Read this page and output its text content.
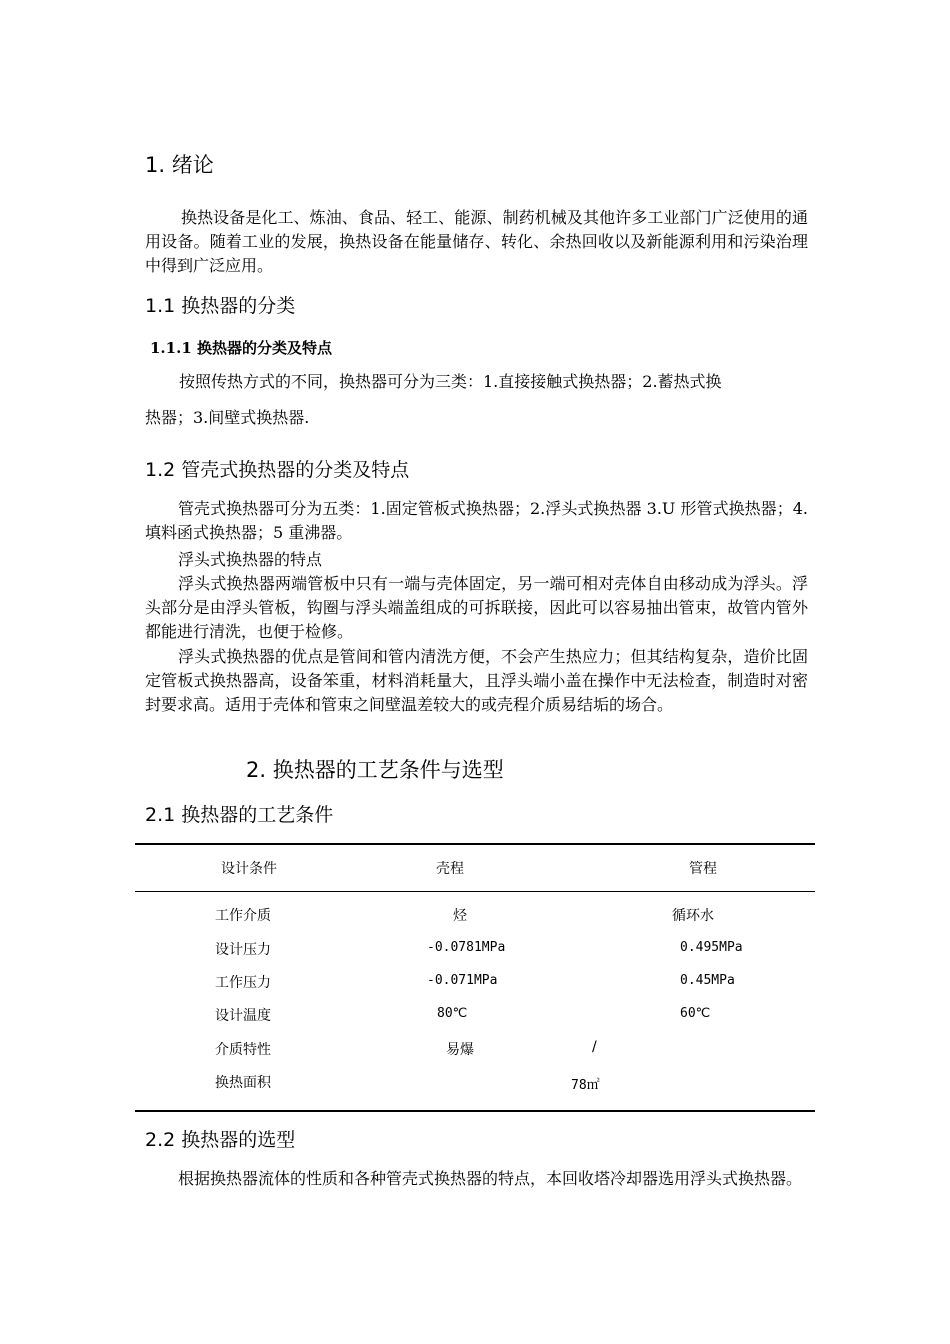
1. 绪论
换热设备是化工、炼油、食品、轻工、能源、制药机械及其他许多工业部门广泛使用的通用设备。随着工业的发展，换热设备在能量储存、转化、余热回收以及新能源利用和污染治理中得到广泛应用。
1.1 换热器的分类
1.1.1 换热器的分类及特点
按照传热方式的不同，换热器可分为三类：1.直接接触式换热器；2.蓄热式换
热器；3.间壁式换热器.
1.2 管壳式换热器的分类及特点
管壳式换热器可分为五类：1.固定管板式换热器；2.浮头式换热器 3.U 形管式换热器；4.填料函式换热器；5 重沸器。
浮头式换热器的特点
浮头式换热器两端管板中只有一端与壳体固定，另一端可相对壳体自由移动成为浮头。浮头部分是由浮头管板，钩圈与浮头端盖组成的可拆联接，因此可以容易抽出管束，故管内管外都能进行清洗，也便于检修。
浮头式换热器的优点是管间和管内清洗方便，不会产生热应力；但其结构复杂，造价比固定管板式换热器高，设备笨重，材料消耗量大，且浮头端小盖在操作中无法检查，制造时对密封要求高。适用于壳体和管束之间壁温差较大的或壳程介质易结垢的场合。
2. 换热器的工艺条件与选型
2.1 换热器的工艺条件
设计条件	壳程	管程
工作介质	烃	循环水
设计压力	-0.0781MPa	0.495MPa
工作压力	-0.071MPa	0.45MPa
设计温度	80℃	60℃
介质特性	易爆	/
换热面积	78㎡
2.2 换热器的选型
根据换热器流体的性质和各种管壳式换热器的特点，本回收塔冷却器选用浮头式换热器。
